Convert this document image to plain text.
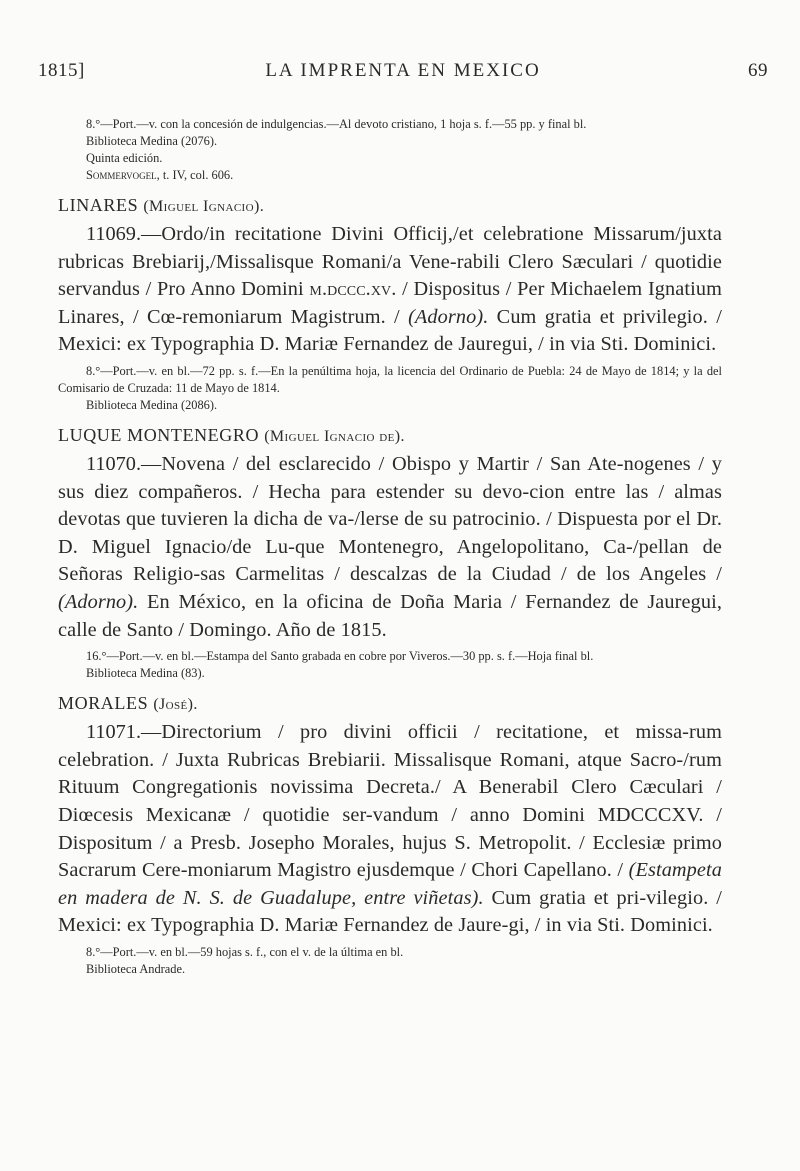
1815]	LA IMPRENTA EN MEXICO	69

8.°—Port.—v. con la concesión de indulgencias.—Al devoto cristiano, 1 hoja s. f.—55 pp. y final bl.

Biblioteca Medina (2076).

Quinta edición.

Sommervogel, t. IV, col. 606.

LINARES (Miguel Ignacio).

11069.—Ordo/in recitatione Divini Officij,/et celebratione Missarum/juxta rubricas Brebiarij,/Missalisque Romani/a Vene-rabili Clero Sæculari / quotidie servandus / Pro Anno Domini m.dccc.xv. / Dispositus / Per Michaelem Ignatium Linares, / Cœ-remoniarum Magistrum. / (Adorno). Cum gratia et privilegio. / Mexici: ex Typographia D. Mariæ Fernandez de Jauregui, / in via Sti. Dominici.

8.°—Port.—v. en bl.—72 pp. s. f.—En la penúltima hoja, la licencia del Ordinario de Puebla: 24 de Mayo de 1814; y la del Comisario de Cruzada: 11 de Mayo de 1814.

Biblioteca Medina (2086).

LUQUE MONTENEGRO (Miguel Ignacio de).

11070.—Novena / del esclarecido / Obispo y Martir / San Ate-nogenes / y sus diez compañeros. / Hecha para estender su devo-cion entre las / almas devotas que tuvieren la dicha de va-/lerse de su patrocinio. / Dispuesta por el Dr. D. Miguel Ignacio/de Lu-que Montenegro, Angelopolitano, Ca-/pellan de Señoras Religio-sas Carmelitas / descalzas de la Ciudad / de los Angeles / (Adorno). En México, en la oficina de Doña Maria / Fernandez de Jauregui, calle de Santo / Domingo. Año de 1815.

16.°—Port.—v. en bl.—Estampa del Santo grabada en cobre por Viveros.—30 pp. s. f.—Hoja final bl.

Biblioteca Medina (83).

MORALES (José).

11071.—Directorium / pro divini officii / recitatione, et missa-rum celebration. / Juxta Rubricas Brebiarii. Missalisque Romani, atque Sacro-/rum Rituum Congregationis novissima Decreta./ A Benerabil Clero Cæculari / Diœcesis Mexicanæ / quotidie ser-vandum / anno Domini MDCCCXV. / Dispositum / a Presb. Josepho Morales, hujus S. Metropolit. / Ecclesiæ primo Sacrarum Cere-moniarum Magistro ejusdemque / Chori Capellano. / (Estampeta en madera de N. S. de Guadalupe, entre viñetas). Cum gratia et pri-vilegio. / Mexici: ex Typographia D. Mariæ Fernandez de Jaure-gi, / in via Sti. Dominici.

8.°—Port.—v. en bl.—59 hojas s. f., con el v. de la última en bl.

Biblioteca Andrade.
